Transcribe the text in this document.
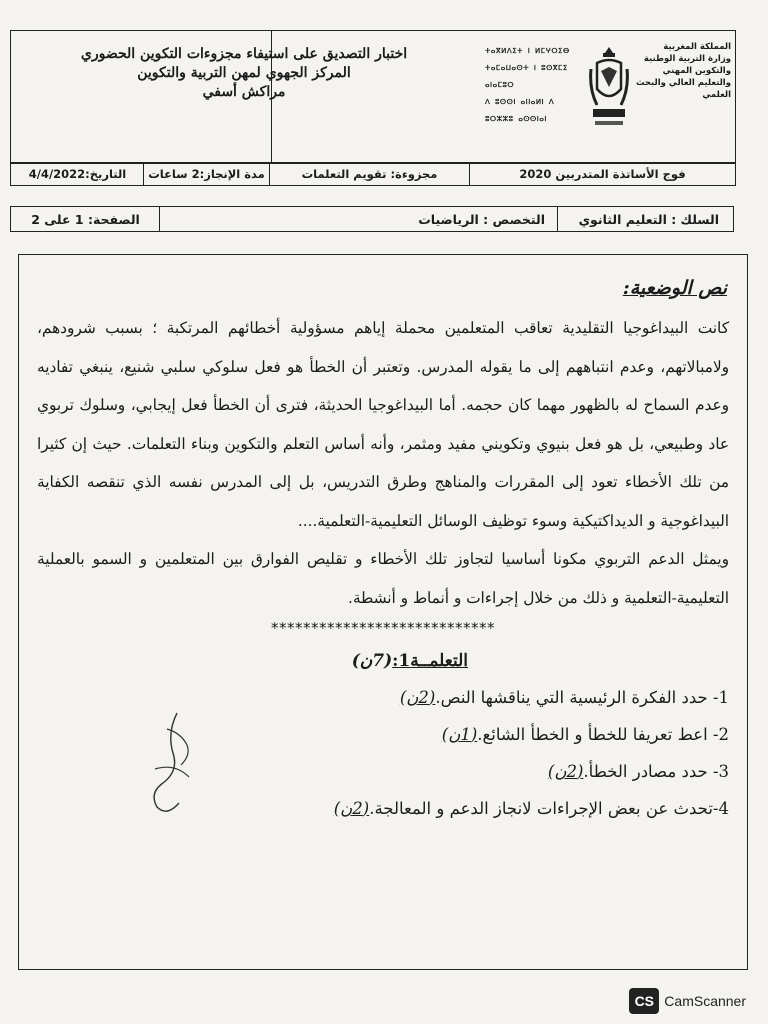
المملكة المغربية
وزارة التربية الوطنية والتكوين المهني
والتعليم العالي والبحث العلمي
ⵜⴰⴳⵍⴷⵉⵜ ⵏ ⵍⵎⵖⵔⵉⴱ
ⵜⴰⵎⴰⵡⴰⵙⵜ ⵏ ⵓⵙⴳⵎⵉ ⴰⵏⴰⵎⵓⵔ
ⴷ ⵓⵙⵙⵏ ⴰⵏⵏⴰⵍⵏ ⴷ ⵓⵔⵣⵣⵓ ⴰⵙⵙⵏⴰⵏ
اختبار التصديق على استيفاء مجزوءات التكوين الحضوري
المركز الجهوي لمهن التربية والتكوين
مراكش أسفي
فوج الأساتذة المتدربين 2020
مجزوءة: تقويم التعلمات
مدة الإنجاز:2 ساعات
التاريخ:4/4/2022
السلك : التعليم الثانوي
التخصص : الرياضيات
الصفحة: 1 على 2
نص الوضعية:

كانت البيداغوجيا التقليدية تعاقب المتعلمين محملة إياهم مسؤولية أخطائهم المرتكبة ؛ بسبب شرودهم، ولامبالاتهم، وعدم انتباههم إلى ما يقوله المدرس. وتعتبر أن الخطأ هو فعل سلوكي سلبي شنيع، ينبغي تفاديه وعدم السماح له بالظهور مهما كان حجمه. أما البيداغوجيا الحديثة، فترى أن الخطأ فعل إيجابي، وسلوك تربوي عاد وطبيعي، بل هو فعل بنيوي وتكويني مفيد ومثمر، وأنه أساس التعلم والتكوين وبناء التعلمات. حيث إن كثيرا من تلك الأخطاء تعود إلى المقررات والمناهج وطرق التدريس، بل إلى المدرس نفسه الذي تنقصه الكفاية البيداغوجية و الديداكتيكية وسوء توظيف الوسائل التعليمية-التعلمية....

ويمثل الدعم التربوي مكونا أساسيا لتجاوز تلك الأخطاء و تقليص الفوارق بين المتعلمين و السمو بالعملية التعليمية-التعلمية و ذلك من خلال إجراءات و أنماط و أنشطة.

****************************
التعلمــة1:(7ن)
1- حدد الفكرة الرئيسية التي يناقشها النص.(2ن)
2- اعط تعريفا للخطأ و الخطأ الشائع.(1ن)
3- حدد مصادر الخطأ.(2ن)
4-تحدث عن بعض الإجراءات لانجاز الدعم و المعالجة.(2ن)
CS CamScanner
